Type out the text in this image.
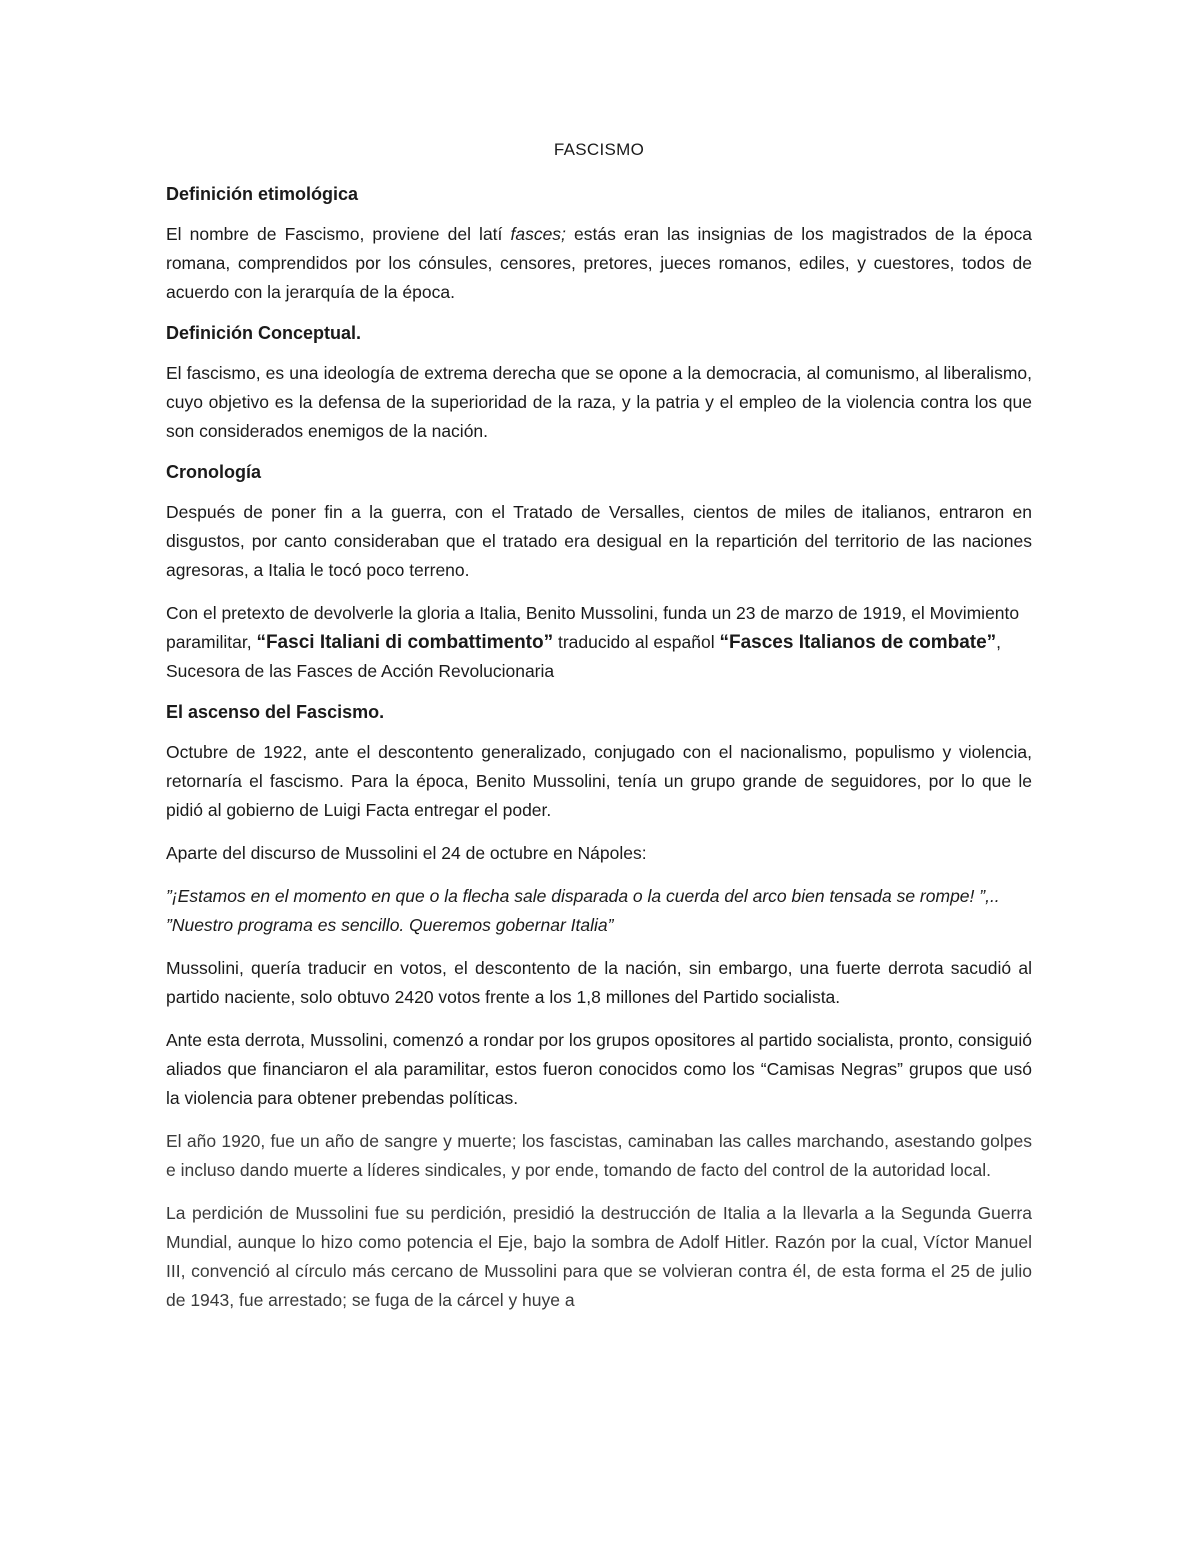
FASCISMO
Definición etimológica

El nombre de Fascismo, proviene del latí fasces; estás eran las insignias de los magistrados de la época romana, comprendidos por los cónsules, censores, pretores, jueces romanos, ediles, y cuestores, todos de acuerdo con la jerarquía de la época.

Definición Conceptual.

El fascismo, es una ideología de extrema derecha que se opone a la democracia, al comunismo, al liberalismo, cuyo objetivo es la defensa de la superioridad de la raza, y la patria y el empleo de la violencia contra los que son considerados enemigos de la nación.

Cronología

Después de poner fin a la guerra, con el Tratado de Versalles, cientos de miles de italianos, entraron en disgustos, por canto consideraban que el tratado era desigual en la repartición del territorio de las naciones agresoras, a Italia le tocó poco terreno.

Con el pretexto de devolverle la gloria a Italia, Benito Mussolini, funda un 23 de marzo de 1919, el Movimiento paramilitar, “Fasci Italiani di combattimento” traducido al español “Fasces Italianos de combate”, Sucesora de las Fasces de Acción Revolucionaria

El ascenso del Fascismo.

Octubre de 1922, ante el descontento generalizado, conjugado con el nacionalismo, populismo y violencia, retornaría el fascismo. Para la época, Benito Mussolini, tenía un grupo grande de seguidores, por lo que le pidió al gobierno de Luigi Facta entregar el poder.

Aparte del discurso de Mussolini el 24 de octubre en Nápoles:

”¡Estamos en el momento en que o la flecha sale disparada o la cuerda del arco bien tensada se rompe! ”,.. ”Nuestro programa es sencillo. Queremos gobernar Italia”

Mussolini, quería traducir en votos, el descontento de la nación, sin embargo, una fuerte derrota sacudió al partido naciente, solo obtuvo 2420 votos frente a los 1,8 millones del Partido socialista.

Ante esta derrota, Mussolini, comenzó a rondar por los grupos opositores al partido socialista, pronto, consiguió aliados que financiaron el ala paramilitar, estos fueron conocidos como los “Camisas Negras” grupos que usó la violencia para obtener prebendas políticas.

El año 1920, fue un año de sangre y muerte; los fascistas, caminaban las calles marchando, asestando golpes e incluso dando muerte a líderes sindicales, y por ende, tomando de facto del control de la autoridad local.

La perdición de Mussolini fue su perdición, presidió la destrucción de Italia a la llevarla a la Segunda Guerra Mundial, aunque lo hizo como potencia el Eje, bajo la sombra de Adolf Hitler. Razón por la cual, Víctor Manuel III, convenció al círculo más cercano de Mussolini para que se volvieran contra él, de esta forma el 25 de julio de 1943, fue arrestado; se fuga de la cárcel y huye a
